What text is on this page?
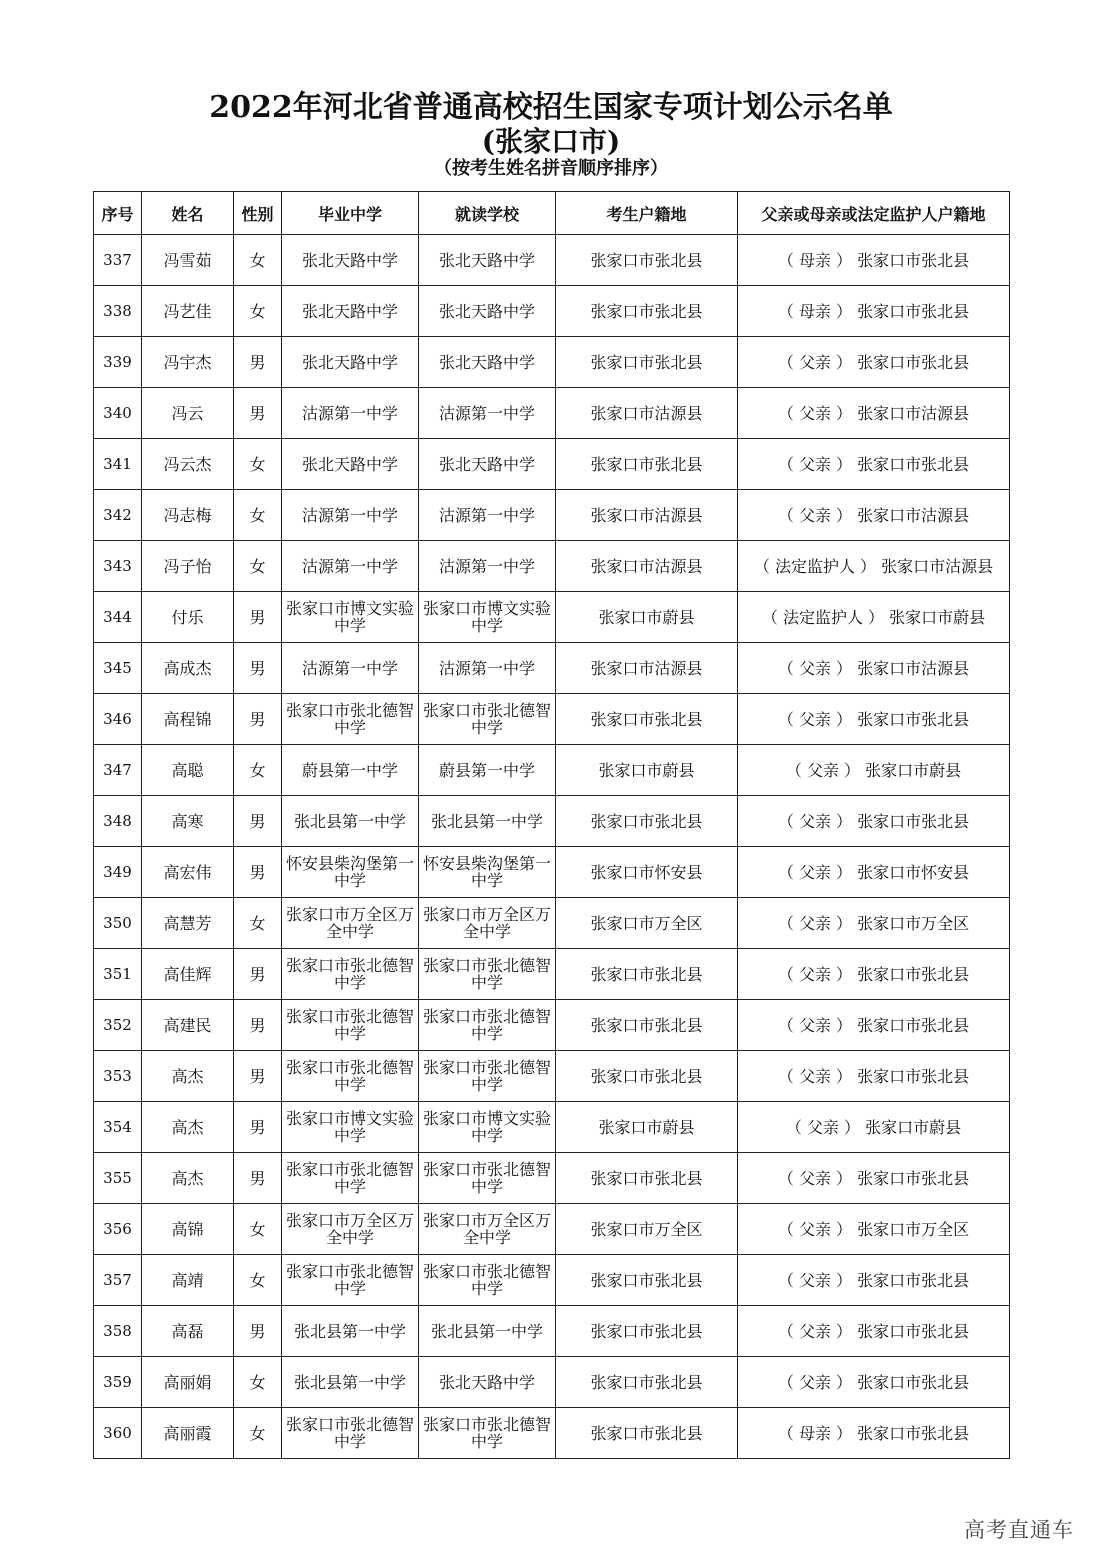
2022年河北省普通高校招生国家专项计划公示名单
(张家口市)
（按考生姓名拼音顺序排序）
序号	姓名	性别	毕业中学	就读学校	考生户籍地	父亲或母亲或法定监护人户籍地
337	冯雪茹	女	张北天路中学	张北天路中学	张家口市张北县	（ 母亲 ） 张家口市张北县
338	冯艺佳	女	张北天路中学	张北天路中学	张家口市张北县	（ 母亲 ） 张家口市张北县
339	冯宇杰	男	张北天路中学	张北天路中学	张家口市张北县	（ 父亲 ） 张家口市张北县
340	冯云	男	沽源第一中学	沽源第一中学	张家口市沽源县	（ 父亲 ） 张家口市沽源县
341	冯云杰	女	张北天路中学	张北天路中学	张家口市张北县	（ 父亲 ） 张家口市张北县
342	冯志梅	女	沽源第一中学	沽源第一中学	张家口市沽源县	（ 父亲 ） 张家口市沽源县
343	冯子怡	女	沽源第一中学	沽源第一中学	张家口市沽源县	（ 法定监护人 ） 张家口市沽源县
344	付乐	男	张家口市博文实验中学	张家口市博文实验中学	张家口市蔚县	（ 法定监护人 ） 张家口市蔚县
345	高成杰	男	沽源第一中学	沽源第一中学	张家口市沽源县	（ 父亲 ） 张家口市沽源县
346	高程锦	男	张家口市张北德智中学	张家口市张北德智中学	张家口市张北县	（ 父亲 ） 张家口市张北县
347	高聪	女	蔚县第一中学	蔚县第一中学	张家口市蔚县	（ 父亲 ） 张家口市蔚县
348	高寒	男	张北县第一中学	张北县第一中学	张家口市张北县	（ 父亲 ） 张家口市张北县
349	高宏伟	男	怀安县柴沟堡第一中学	怀安县柴沟堡第一中学	张家口市怀安县	（ 父亲 ） 张家口市怀安县
350	高慧芳	女	张家口市万全区万全中学	张家口市万全区万全中学	张家口市万全区	（ 父亲 ） 张家口市万全区
351	高佳辉	男	张家口市张北德智中学	张家口市张北德智中学	张家口市张北县	（ 父亲 ） 张家口市张北县
352	高建民	男	张家口市张北德智中学	张家口市张北德智中学	张家口市张北县	（ 父亲 ） 张家口市张北县
353	高杰	男	张家口市张北德智中学	张家口市张北德智中学	张家口市张北县	（ 父亲 ） 张家口市张北县
354	高杰	男	张家口市博文实验中学	张家口市博文实验中学	张家口市蔚县	（ 父亲 ） 张家口市蔚县
355	高杰	男	张家口市张北德智中学	张家口市张北德智中学	张家口市张北县	（ 父亲 ） 张家口市张北县
356	高锦	女	张家口市万全区万全中学	张家口市万全区万全中学	张家口市万全区	（ 父亲 ） 张家口市万全区
357	高靖	女	张家口市张北德智中学	张家口市张北德智中学	张家口市张北县	（ 父亲 ） 张家口市张北县
358	高磊	男	张北县第一中学	张北县第一中学	张家口市张北县	（ 父亲 ） 张家口市张北县
359	高丽娟	女	张北县第一中学	张北天路中学	张家口市张北县	（ 父亲 ） 张家口市张北县
360	高丽霞	女	张家口市张北德智中学	张家口市张北德智中学	张家口市张北县	（ 母亲 ） 张家口市张北县
高考直通车
